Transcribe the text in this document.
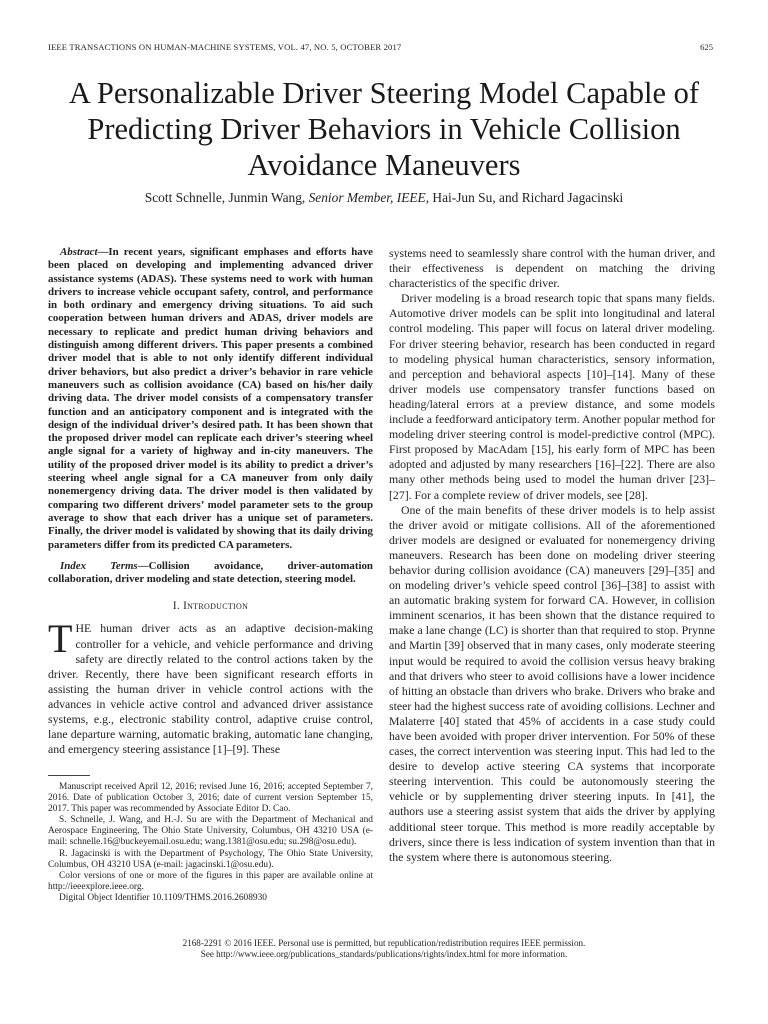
IEEE TRANSACTIONS ON HUMAN-MACHINE SYSTEMS, VOL. 47, NO. 5, OCTOBER 2017	625
A Personalizable Driver Steering Model Capable of
Predicting Driver Behaviors in Vehicle Collision
Avoidance Maneuvers
Scott Schnelle, Junmin Wang, Senior Member, IEEE, Hai-Jun Su, and Richard Jagacinski

Abstract—In recent years, significant emphases and efforts have been placed on developing and implementing advanced driver assistance systems (ADAS). These systems need to work with human drivers to increase vehicle occupant safety, control, and performance in both ordinary and emergency driving situations. To aid such cooperation between human drivers and ADAS, driver models are necessary to replicate and predict human driving behaviors and distinguish among different drivers. This paper presents a combined driver model that is able to not only identify different individual driver behaviors, but also predict a driver’s behavior in rare vehicle maneuvers such as collision avoidance (CA) based on his/her daily driving data. The driver model consists of a compensatory transfer function and an anticipatory component and is integrated with the design of the individual driver’s desired path. It has been shown that the proposed driver model can replicate each driver’s steering wheel angle signal for a variety of highway and in-city maneuvers. The utility of the proposed driver model is its ability to predict a driver’s steering wheel angle signal for a CA maneuver from only daily nonemergency driving data. The driver model is then validated by comparing two different drivers’ model parameter sets to the group average to show that each driver has a unique set of parameters. Finally, the driver model is validated by showing that its daily driving parameters differ from its predicted CA parameters.

Index Terms—Collision avoidance, driver-automation collaboration, driver modeling and state detection, steering model.

I. Introduction

THE human driver acts as an adaptive decision-making controller for a vehicle, and vehicle performance and driving safety are directly related to the control actions taken by the driver. Recently, there have been significant research efforts in assisting the human driver in vehicle control actions with the advances in vehicle active control and advanced driver assistance systems, e.g., electronic stability control, adaptive cruise control, lane departure warning, automatic braking, automatic lane changing, and emergency steering assistance [1]–[9]. These

Manuscript received April 12, 2016; revised June 16, 2016; accepted September 7, 2016. Date of publication October 3, 2016; date of current version September 15, 2017. This paper was recommended by Associate Editor D. Cao.

S. Schnelle, J. Wang, and H.-J. Su are with the Department of Mechanical and Aerospace Engineering, The Ohio State University, Columbus, OH 43210 USA (e-mail: schnelle.16@buckeyemail.osu.edu; wang.1381@osu.edu; su.298@osu.edu).

R. Jagacinski is with the Department of Psychology, The Ohio State University, Columbus, OH 43210 USA (e-mail: jagacinski.1@osu.edu).

Color versions of one or more of the figures in this paper are available online at http://ieeexplore.ieee.org.

Digital Object Identifier 10.1109/THMS.2016.2608930

systems need to seamlessly share control with the human driver, and their effectiveness is dependent on matching the driving characteristics of the specific driver.

Driver modeling is a broad research topic that spans many fields. Automotive driver models can be split into longitudinal and lateral control modeling. This paper will focus on lateral driver modeling. For driver steering behavior, research has been conducted in regard to modeling physical human characteristics, sensory information, and perception and behavioral aspects [10]–[14]. Many of these driver models use compensatory transfer functions based on heading/lateral errors at a preview distance, and some models include a feedforward anticipatory term. Another popular method for modeling driver steering control is model-predictive control (MPC). First proposed by MacAdam [15], his early form of MPC has been adopted and adjusted by many researchers [16]–[22]. There are also many other methods being used to model the human driver [23]–[27]. For a complete review of driver models, see [28].

One of the main benefits of these driver models is to help assist the driver avoid or mitigate collisions. All of the aforementioned driver models are designed or evaluated for nonemergency driving maneuvers. Research has been done on modeling driver steering behavior during collision avoidance (CA) maneuvers [29]–[35] and on modeling driver’s vehicle speed control [36]–[38] to assist with an automatic braking system for forward CA. However, in collision imminent scenarios, it has been shown that the distance required to make a lane change (LC) is shorter than that required to stop. Prynne and Martin [39] observed that in many cases, only moderate steering input would be required to avoid the collision versus heavy braking and that drivers who steer to avoid collisions have a lower incidence of hitting an obstacle than drivers who brake. Drivers who brake and steer had the highest success rate of avoiding collisions. Lechner and Malaterre [40] stated that 45% of accidents in a case study could have been avoided with proper driver intervention. For 50% of these cases, the correct intervention was steering input. This had led to the desire to develop active steering CA systems that incorporate steering intervention. This could be autonomously steering the vehicle or by supplementing driver steering inputs. In [41], the authors use a steering assist system that aids the driver by applying additional steer torque. This method is more readily acceptable by drivers, since there is less indication of system invention than that in the system where there is autonomous steering.

2168-2291 © 2016 IEEE. Personal use is permitted, but republication/redistribution requires IEEE permission.
See http://www.ieee.org/publications_standards/publications/rights/index.html for more information.
